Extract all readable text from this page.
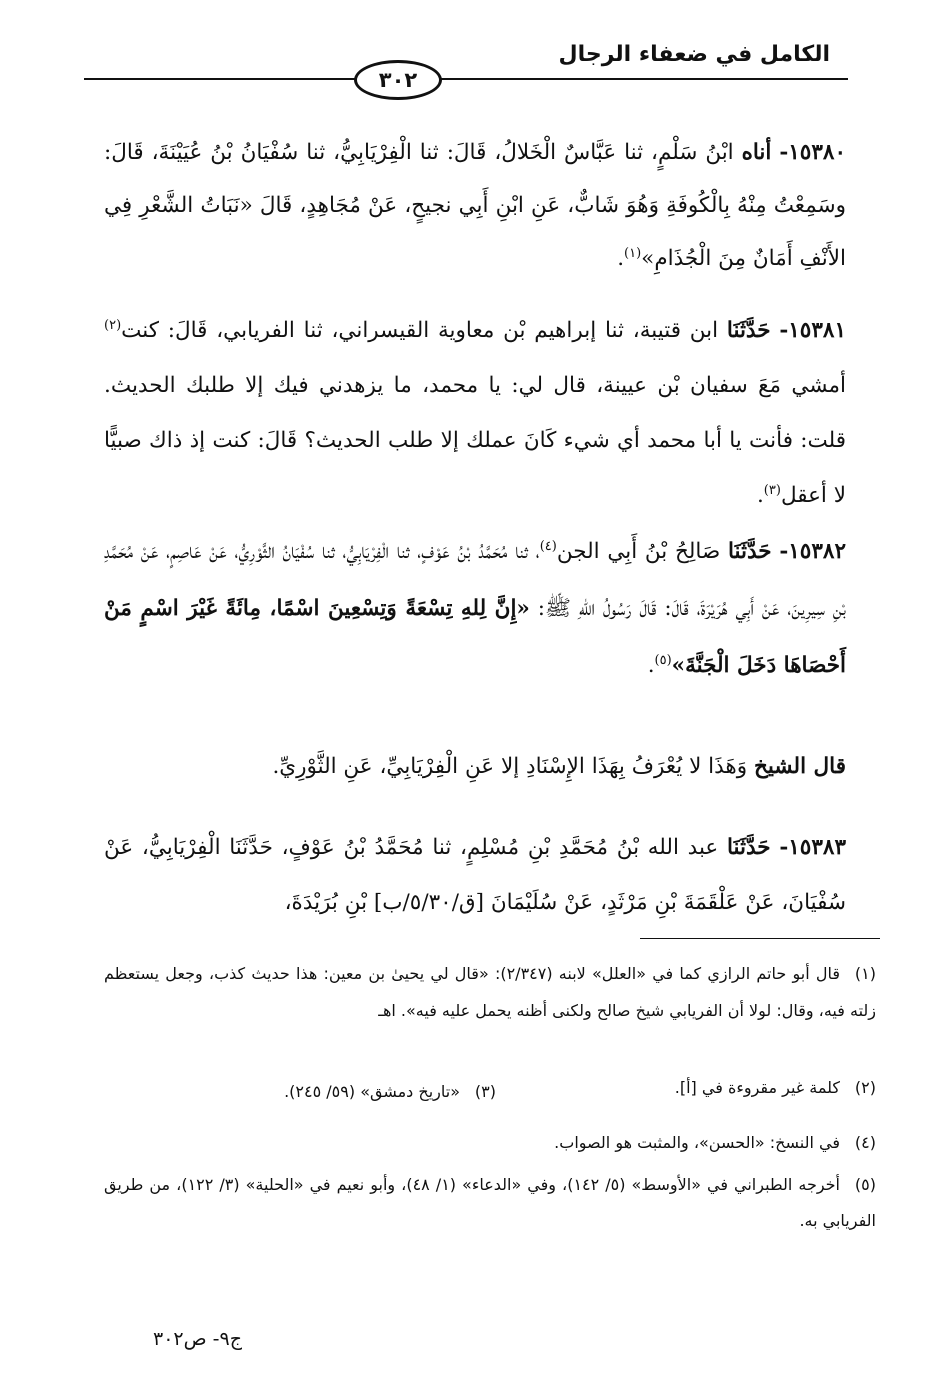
الكامل في ضعفاء الرجال
٣٠٢

١٥٣٨٠- أناه ابْنُ سَلْمٍ، ثنا عَبَّاسٌ الْخَلالُ، قَالَ: ثنا الْفِرْيَابِيُّ، ثنا سُفْيَانُ بْنُ عُيَيْنَةَ، قَالَ: وسَمِعْتُ مِنْهُ بِالْكُوفَةِ وَهُوَ شَابٌّ، عَنِ ابْنِ أَبِي نجيحٍ، عَنْ مُجَاهِدٍ، قَالَ «نَبَاتُ الشَّعْرِ فِي الأَنْفِ أَمَانٌ مِنَ الْجُذَامِ»$^{(١)}$.

١٥٣٨١- حَدَّثَنَا ابن قتيبة، ثنا إبراهيم بْن معاوية القيسراني، ثنا الفريابي، قَالَ: كنت$^{(٢)}$ أمشي مَعَ سفيان بْن عيينة، قال لي: يا محمد، ما يزهدني فيك إلا طلبك الحديث. قلت: فأنت يا أبا محمد أي شيء كَانَ عملك إلا طلب الحديث؟ قَالَ: كنت إذ ذاك صبيًّا لا أعقل$^{(٣)}$.

١٥٣٨٢- حَدَّثَنَا صَالِحُ بْنُ أَبِي الجن$^{(٤)}$، ثنا مُحَمَّدُ بْنُ عَوْفٍ، ثنا الْفِرْيَابِيُّ، ثنا سُفْيَانُ الثَّوْرِيُّ، عَنْ عَاصِمٍ، عَنْ مُحَمَّدِ بْنِ سِيرِينَ، عَنْ أَبِي هُرَيْرَةَ، قَالَ: قَالَ رَسُولُ اللهِ ﷺ: «إِنَّ لِلهِ تِسْعَةً وَتِسْعِينَ اسْمًا، مِائَةً غَيْرَ اسْمٍ مَنْ أَحْصَاهَا دَخَلَ الْجَنَّةَ»$^{(٥)}$.

قال الشيخ وَهَذَا لا يُعْرَفُ بِهَذَا الإِسْنَادِ إلا عَنِ الْفِرْيَابِيِّ، عَنِ الثَّوْرِيِّ.

١٥٣٨٣- حَدَّثَنَا عبد الله بْنُ مُحَمَّدِ بْنِ مُسْلِمٍ، ثنا مُحَمَّدُ بْنُ عَوْفٍ، حَدَّثَنَا الْفِرْيَابِيُّ، عَنْ سُفْيَانَ، عَنْ عَلْقَمَةَ بْنِ مَرْثَدٍ، عَنْ سُلَيْمَانَ [ق/٥/٣٠/ب] بْنِ بُرَيْدَةَ،

(١)قال أبو حاتم الرازي كما في «العلل» لابنه (٢/٣٤٧): «قال لي يحيىٰ بن معين: هذا حديث كذب، وجعل يستعظم زلته فيه، وقال: لولا أن الفريابي شيخ صالح ولكنى أظنه يحمل عليه فيه». اهـ

(٢)كلمة غير مقروءة في [أ].
(٣)«تاريخ دمشق» (٥٩/ ٢٤٥).

(٤)في النسخ: «الحسن»، والمثبت هو الصواب.

(٥)أخرجه الطبراني في «الأوسط» (٥/ ١٤٢)، وفي «الدعاء» (١/ ٤٨)، وأبو نعيم في «الحلية» (٣/ ١٢٢)، من طريق الفريابي به.

ج٩- ص٣٠٢
